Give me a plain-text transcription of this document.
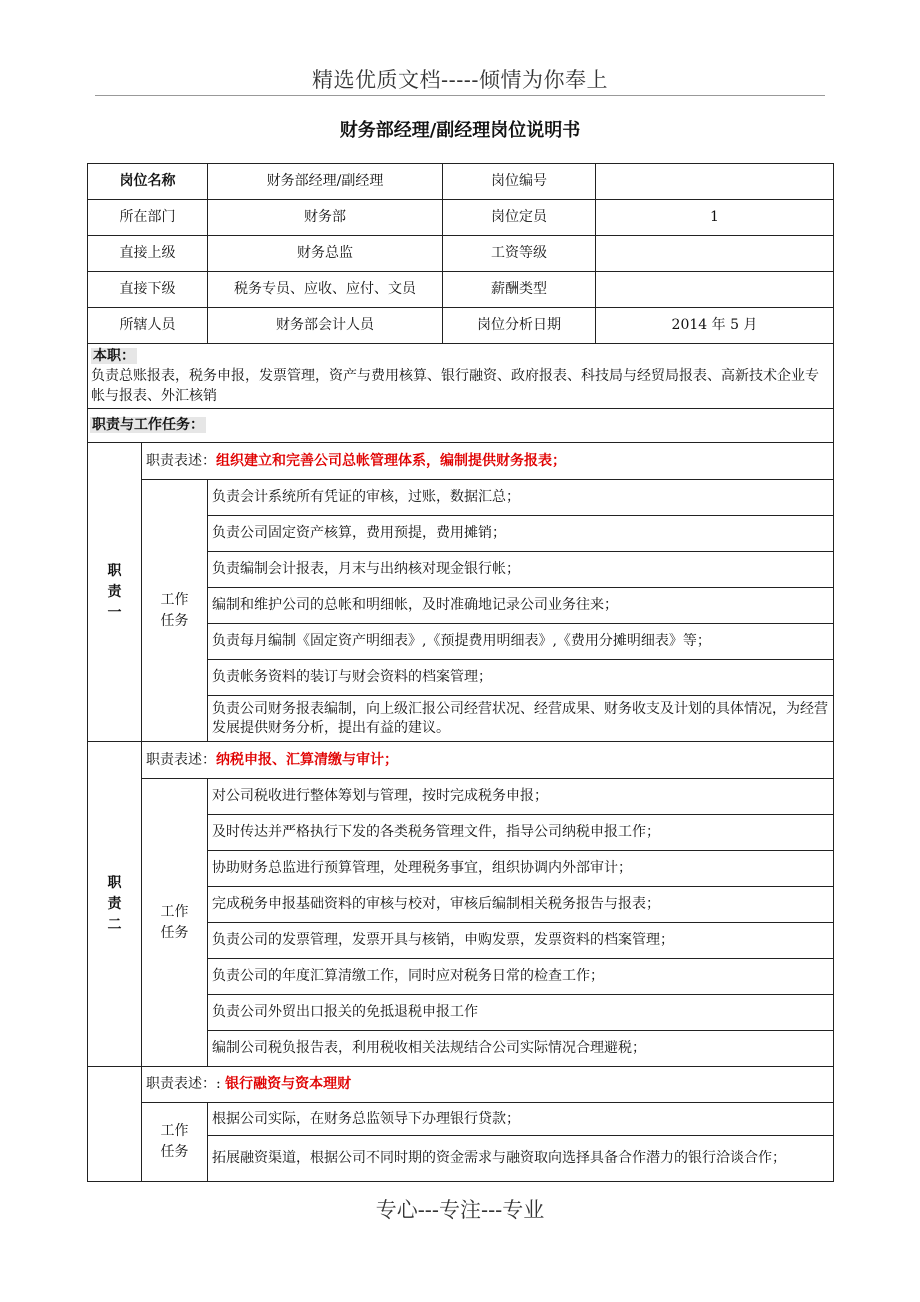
精选优质文档-----倾情为你奉上
财务部经理/副经理岗位说明书
岗位名称		财务部经理/副经理	岗位编号	
所在部门		财务部	岗位定员	1
直接上级		财务总监	工资等级	
直接下级		税务专员、应收、应付、文员	薪酬类型	
所辖人员		财务部会计人员	岗位分析日期	2014 年 5 月

本职：
负责总账报表，税务申报，发票管理，资产与费用核算、银行融资、政府报表、科技局与经贸局报表、高新技术企业专帐与报表、外汇核销				

职责与工作任务：				

职
责
一	职责表述：组织建立和完善公司总帐管理体系，编制提供财务报表；			

	工作
任务	负责会计系统所有凭证的审核，过账，数据汇总；		
		负责公司固定资产核算，费用预提，费用摊销；		
		负责编制会计报表，月末与出纳核对现金银行帐；		
		编制和维护公司的总帐和明细帐，及时准确地记录公司业务往来；		
		负责每月编制《固定资产明细表》,《预提费用明细表》,《费用分摊明细表》等；		
		负责帐务资料的装订与财会资料的档案管理；		
		负责公司财务报表编制，向上级汇报公司经营状况、经营成果、财务收支及计划的具体情况，为经营发展提供财务分析，提出有益的建议。		

职
责
二	职责表述：纳税申报、汇算清缴与审计；			

	工作
任务	对公司税收进行整体筹划与管理，按时完成税务申报；		
		及时传达并严格执行下发的各类税务管理文件，指导公司纳税申报工作；		
		协助财务总监进行预算管理，处理税务事宜，组织协调内外部审计；		
		完成税务申报基础资料的审核与校对，审核后编制相关税务报告与报表；		
		负责公司的发票管理，发票开具与核销，申购发票，发票资料的档案管理；		
		负责公司的年度汇算清缴工作，同时应对税务日常的检查工作；		
		负责公司外贸出口报关的免抵退税申报工作		
		编制公司税负报告表，利用税收相关法规结合公司实际情况合理避税；		
	职责表述：: 银行融资与资本理财			

	工作
任务	根据公司实际，在财务总监领导下办理银行贷款；		
		拓展融资渠道，根据公司不同时期的资金需求与融资取向选择具备合作潜力的银行洽谈合作；		
专心---专注---专业
